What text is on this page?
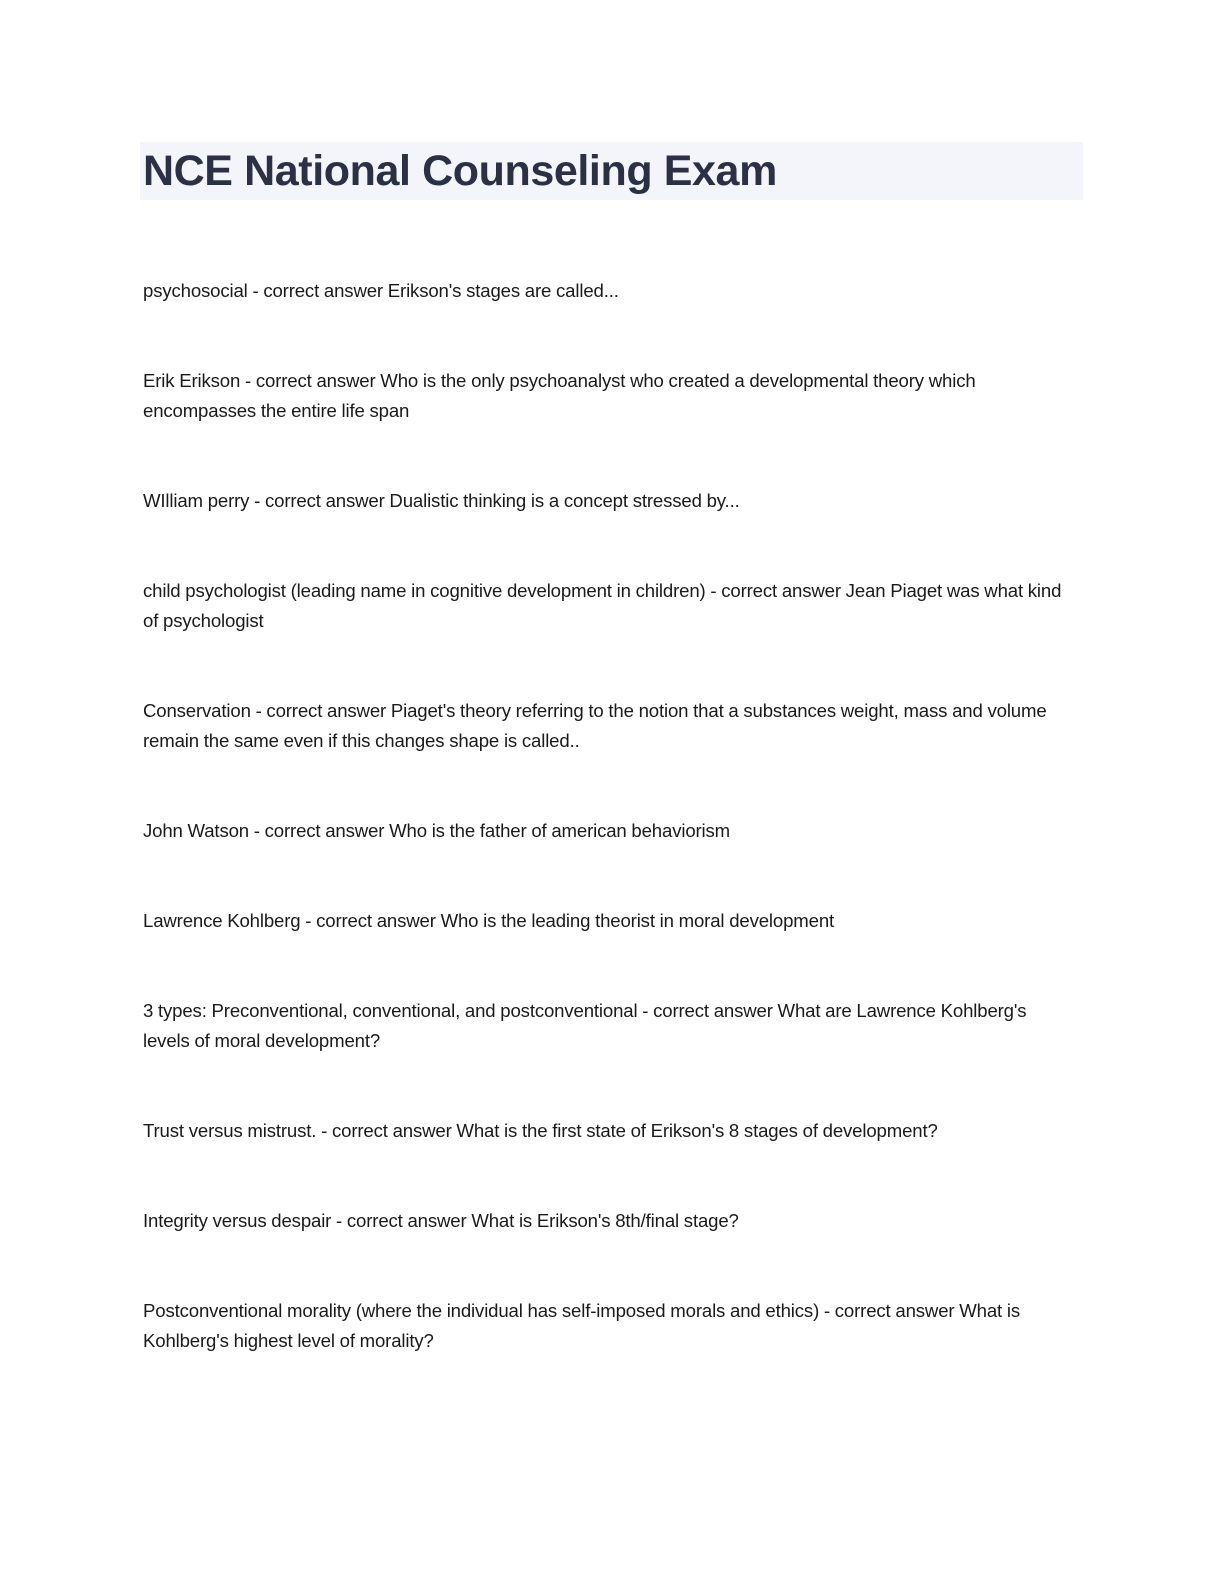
NCE National Counseling Exam

psychosocial - correct answer Erikson's stages are called...

Erik Erikson - correct answer Who is the only psychoanalyst who created a developmental theory which encompasses the entire life span

WIlliam perry - correct answer Dualistic thinking is a concept stressed by...

child psychologist (leading name in cognitive development in children) - correct answer Jean Piaget was what kind of psychologist

Conservation - correct answer Piaget's theory referring to the notion that a substances weight, mass and volume remain the same even if this changes shape is called..

John Watson - correct answer Who is the father of american behaviorism

Lawrence Kohlberg - correct answer Who is the leading theorist in moral development

3 types: Preconventional, conventional, and postconventional - correct answer What are Lawrence Kohlberg's levels of moral development?

Trust versus mistrust. - correct answer What is the first state of Erikson's 8 stages of development?

Integrity versus despair - correct answer What is Erikson's 8th/final stage?

Postconventional morality (where the individual has self-imposed morals and ethics) - correct answer What is Kohlberg's highest level of morality?
